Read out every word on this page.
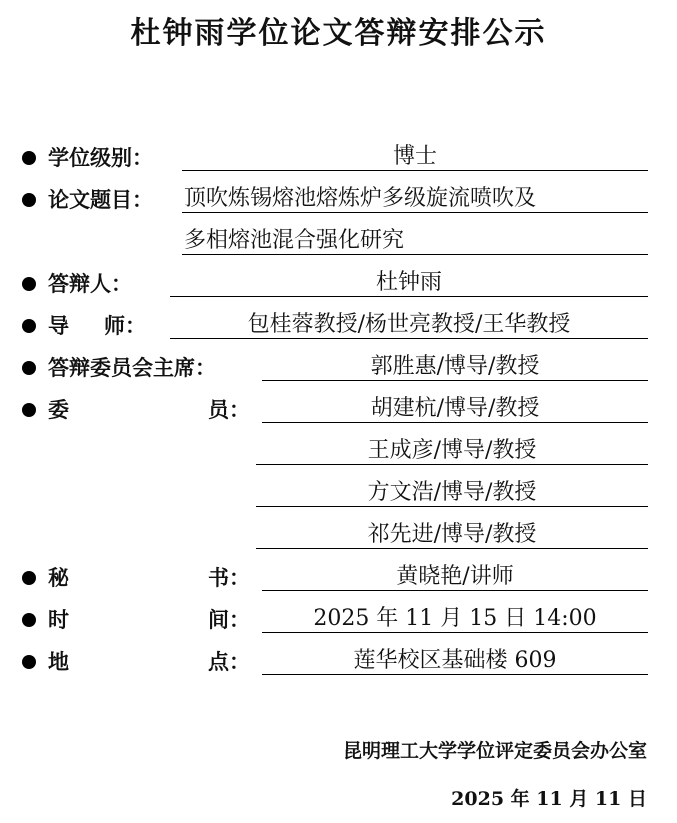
杜钟雨学位论文答辩安排公示
学位级别：	博士
论文题目： 顶吹炼锡熔池熔炼炉多级旋流喷吹及
多相熔池混合强化研究
答辩人：	杜钟雨
导 师：	包桂蓉教授/杨世亮教授/王华教授
答辩委员会主席：	郭胜惠/博导/教授
委	员：	胡建杭/博导/教授
王成彦/博导/教授
方文浩/博导/教授
祁先进/博导/教授
秘	书：	黄晓艳/讲师
时	间：	2025 年 11 月 15 日 14:00
地	点：	莲华校区基础楼 609
昆明理工大学学位评定委员会办公室
2025 年 11 月 11 日
